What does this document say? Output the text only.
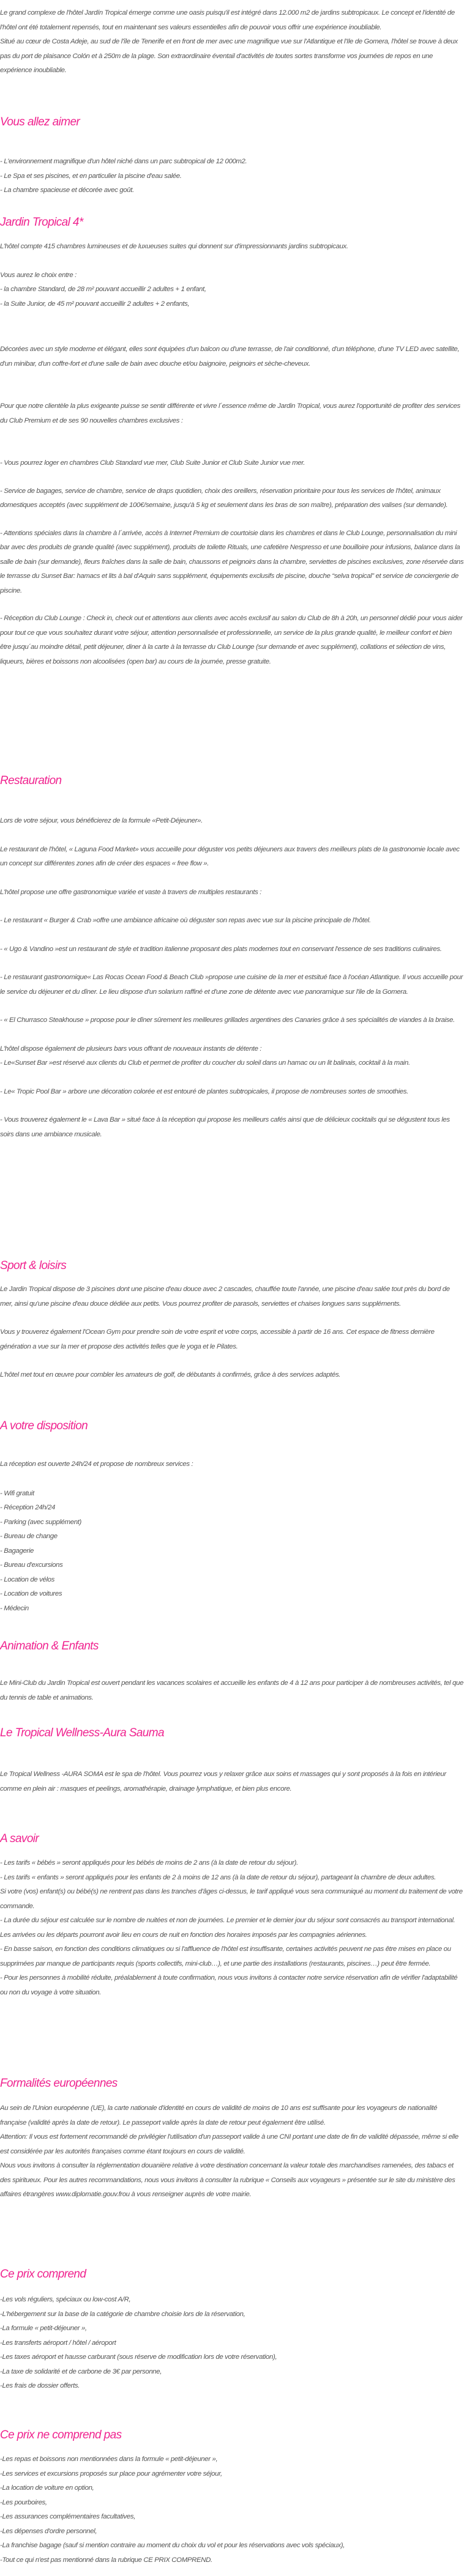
Le grand complexe de l'hôtel Jardín Tropical émerge comme une oasis puisqu'il est intégré dans 12.000 m2 de jardins subtropicaux. Le concept et l'identité de l'hôtel ont été totalement repensés, tout en maintenant ses valeurs essentielles afin de pouvoir vous offrir une expérience inoubliable.

Situé au cœur de Costa Adeje, au sud de l'île de Tenerife et en front de mer avec une magnifique vue sur l'Atlantique et l'Ile de Gomera, l'hôtel se trouve à deux pas du port de plaisance Colón et à 250m de la plage. Son extraordinaire éventail d'activités de toutes sortes transforme vos journées de repos en une expérience inoubliable.

Vous allez aimer
- L'environnement magnifique d'un hôtel niché dans un parc subtropical de 12 000m2.
- Le Spa et ses piscines, et en particulier la piscine d'eau salée.
- La chambre spacieuse et décorée avec goût.
Jardin Tropical 4*
L'hôtel compte 415 chambres lumineuses et de luxueuses suites qui donnent sur d'impressionnants jardins subtropicaux.
Vous aurez le choix entre :
- la chambre Standard, de 28 m² pouvant accueillir 2 adultes + 1 enfant,
- la Suite Junior, de 45 m² pouvant accueillir 2 adultes + 2 enfants,

Décorées avec un style moderne et élégant, elles sont équipées d'un balcon ou d'une terrasse, de l'air conditionné, d'un téléphone, d'une TV LED avec satellite, d'un minibar, d'un coffre-fort et d'une salle de bain avec douche et/ou baignoire, peignoirs et sèche-cheveux.

Pour que notre clientèle la plus exigeante puisse se sentir différente et vivre l´essence même de Jardin Tropical, vous aurez l'opportunité de profiter des services du Club Premium et de ses 90 nouvelles chambres exclusives :

- Vous pourrez loger en chambres Club Standard vue mer, Club Suite Junior et Club Suite Junior vue mer.

- Service de bagages, service de chambre, service de draps quotidien, choix des oreillers, réservation prioritaire pour tous les services de l'hôtel, animaux domestiques acceptés (avec supplément de 100€/semaine, jusqu'à 5 kg et seulement dans les bras de son maître), préparation des valises (sur demande).

- Attentions spéciales dans la chambre à l´arrivée, accès à Internet Premium de courtoisie dans les chambres et dans le Club Lounge, personnalisation du mini bar avec des produits de grande qualité (avec supplément), produits de toilette Rituals, une cafetière Nespresso et une bouilloire pour infusions, balance dans la salle de bain (sur demande), fleurs fraîches dans la salle de bain, chaussons et peignoirs dans la chambre, serviettes de piscines exclusives, zone réservée dans le terrasse du Sunset Bar: hamacs et lits à bal d'Aquin sans supplément, équipements exclusifs de piscine, douche “selva tropical” et service de conciergerie de piscine.

- Réception du Club Lounge : Check in, check out et attentions aux clients avec accès exclusif au salon du Club de 8h à 20h, un personnel dédié pour vous aider pour tout ce que vous souhaitez durant votre séjour, attention personnalisée et professionnelle, un service de la plus grande qualité, le meilleur confort et bien être jusqu´au moindre détail, petit déjeuner, diner à la carte à la terrasse du Club Lounge (sur demande et avec supplément), collations et sélection de vins, liqueurs, bières et boissons non alcoolisées (open bar) au cours de la journée, presse gratuite.

Restauration

Lors de votre séjour, vous bénéficierez de la formule «Petit-Déjeuner».

Le restaurant de l'hôtel, « Laguna Food Market» vous accueille pour déguster vos petits déjeuners aux travers des meilleurs plats de la gastronomie locale avec un concept sur différentes zones afin de créer des espaces « free flow ».

L'hôtel propose une offre gastronomique variée et vaste à travers de multiples restaurants :

- Le restaurant « Burger & Crab »offre une ambiance africaine où déguster son repas avec vue sur la piscine principale de l'hôtel.

- « Ugo & Vandino »est un restaurant de style et tradition italienne proposant des plats modernes tout en conservant l'essence de ses traditions culinaires.

- Le restaurant gastronomique« Las Rocas Ocean Food & Beach Club »propose une cuisine de la mer et estsitué face à l'océan Atlantique. Il vous accueille pour le service du déjeuner et du dîner. Le lieu dispose d'un solarium raffiné et d'une zone de détente avec vue panoramique sur l'ile de la Gomera.

- « El Churrasco Steakhouse » propose pour le dîner sûrement les meilleures grillades argentines des Canaries grâce à ses spécialités de viandes à la braise.

L'hôtel dispose également de plusieurs bars vous offrant de nouveaux instants de détente :

- Le«Sunset Bar »est réservé aux clients du Club et permet de profiter du coucher du soleil dans un hamac ou un lit balinais, cocktail à la main.

- Le« Tropic Pool Bar » arbore une décoration colorée et est entouré de plantes subtropicales, il propose de nombreuses sortes de smoothies.

- Vous trouverez également le « Lava Bar » situé face à la réception qui propose les meilleurs cafés ainsi que de délicieux cocktails qui se dégustent tous les soirs dans une ambiance musicale.

Sport & loisirs

Le Jardin Tropical dispose de 3 piscines dont une piscine d'eau douce avec 2 cascades, chauffée toute l'année, une piscine d'eau salée tout près du bord de mer, ainsi qu'une piscine d'eau douce dédiée aux petits. Vous pourrez profiter de parasols, serviettes et chaises longues sans suppléments.

Vous y trouverez également l'Ocean Gym pour prendre soin de votre esprit et votre corps, accessible à partir de 16 ans. Cet espace de fitness dernière génération a vue sur la mer et propose des activités telles que le yoga et le Pilates.

L'hôtel met tout en œuvre pour combler les amateurs de golf, de débutants à confirmés, grâce à des services adaptés.

A votre disposition
La réception est ouverte 24h/24 et propose de nombreux services :
- Wifi gratuit
- Réception 24h/24
- Parking (avec supplément)
- Bureau de change
- Bagagerie
- Bureau d'excursions
- Location de vélos
- Location de voitures
- Médecin
Animation & Enfants

Le Mini-Club du Jardin Tropical est ouvert pendant les vacances scolaires et accueille les enfants de 4 à 12 ans pour participer à de nombreuses activités, tel que du tennis de table et animations.

Le Tropical Wellness-Aura Sauma

Le Tropical Wellness -AURA SOMA est le spa de l'hôtel. Vous pourrez vous y relaxer grâce aux soins et massages qui y sont proposés à la fois en intérieur comme en plein air : masques et peelings, aromathérapie, drainage lymphatique, et bien plus encore.

A savoir

- Les tarifs « bébés » seront appliqués pour les bébés de moins de 2 ans (à la date de retour du séjour).

- Les tarifs « enfants » seront appliqués pour les enfants de 2 à moins de 12 ans (à la date de retour du séjour), partageant la chambre de deux adultes.

Si votre (vos) enfant(s) ou bébé(s) ne rentrent pas dans les tranches d'âges ci-dessus, le tarif appliqué vous sera communiqué au moment du traitement de votre commande.

- La durée du séjour est calculée sur le nombre de nuitées et non de journées. Le premier et le dernier jour du séjour sont consacrés au transport international. Les arrivées ou les départs pourront avoir lieu en cours de nuit en fonction des horaires imposés par les compagnies aériennes.

- En basse saison, en fonction des conditions climatiques ou si l'affluence de l'hôtel est insuffisante, certaines activités peuvent ne pas être mises en place ou supprimées par manque de participants requis (sports collectifs, mini-club…), et une partie des installations (restaurants, piscines…) peut être fermée.

- Pour les personnes à mobilité réduite, préalablement à toute confirmation, nous vous invitons à contacter notre service réservation afin de vérifier l'adaptabilité ou non du voyage à votre situation.

Formalités européennes

Au sein de l'Union européenne (UE), la carte nationale d'identité en cours de validité de moins de 10 ans est suffisante pour les voyageurs de nationalité française (validité après la date de retour). Le passeport valide après la date de retour peut également être utilisé.

Attention: Il vous est fortement recommandé de privilégier l'utilisation d'un passeport valide à une CNI portant une date de fin de validité dépassée, même si elle est considérée par les autorités françaises comme étant toujours en cours de validité.

Nous vous invitons à consulter la réglementation douanière relative à votre destination concernant la valeur totale des marchandises ramenées, des tabacs et des spiritueux. Pour les autres recommandations, nous vous invitons à consulter la rubrique « Conseils aux voyageurs » présentée sur le site du ministère des affaires étrangères www.diplomatie.gouv.frou à vous renseigner auprès de votre mairie.

Ce prix comprend
-Les vols réguliers, spéciaux ou low-cost A/R,
-L'hébergement sur la base de la catégorie de chambre choisie lors de la réservation,
-La formule « petit-déjeuner »,
-Les transferts aéroport / hôtel / aéroport
-Les taxes aéroport et hausse carburant (sous réserve de modification lors de votre réservation),
-La taxe de solidarité et de carbone de 3€ par personne,
-Les frais de dossier offerts.
Ce prix ne comprend pas
-Les repas et boissons non mentionnées dans la formule « petit-déjeuner »,
-Les services et excursions proposés sur place pour agrémenter votre séjour,
-La location de voiture en option,
-Les pourboires,
-Les assurances complémentaires facultatives,
-Les dépenses d'ordre personnel,
-La franchise bagage (sauf si mention contraire au moment du choix du vol et pour les réservations avec vols spéciaux),
-Tout ce qui n'est pas mentionné dans la rubrique CE PRIX COMPREND.
